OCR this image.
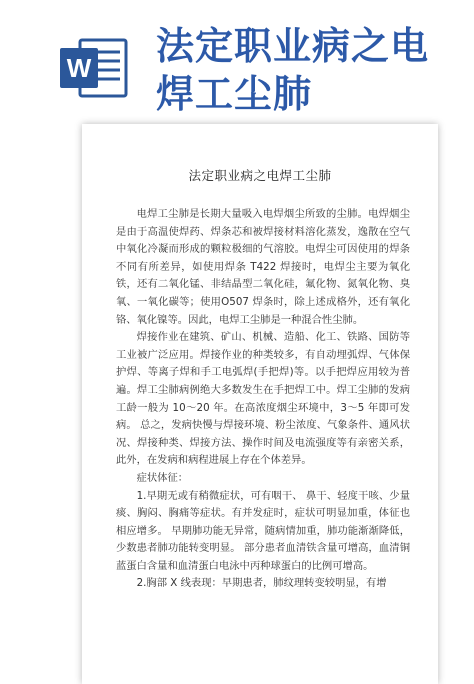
W 法定职业病之电焊工尘肺
法定职业病之电焊工尘肺

电焊工尘肺是长期大量吸入电焊烟尘所致的尘肺。电焊烟尘是由于高温使焊药、焊条芯和被焊接材料溶化蒸发，逸散在空气中氧化冷凝而形成的颗粒极细的气溶胶。电焊尘可因使用的焊条不同有所差异，如使用焊条 T422 焊接时，电焊尘主要为氧化铁，还有二氧化锰、非结晶型二氧化硅，氟化物、氮氧化物、臭氧、一氧化碳等；使用O507 焊条时，除上述成格外，还有氧化铬、氧化镍等。因此，电焊工尘肺是一种混合性尘肺。

焊接作业在建筑、矿山、机械、造船、化工、铁路、国防等工业被广泛应用。焊接作业的种类较多，有自动埋弧焊、气体保护焊、等离子焊和手工电弧焊(手把焊)等。以手把焊应用较为普遍。焊工尘肺病例绝大多数发生在手把焊工中。焊工尘肺的发病工龄一般为 10～20 年。在高浓度烟尘环境中，3～5 年即可发病。 总之，发病快慢与焊接环境、粉尘浓度、气象条件、通风状况、焊接种类、焊接方法、操作时间及电流强度等有亲密关系，此外，在发病和病程进展上存在个体差异。

症状体征：

1.早期无或有稍微症状，可有咽干、 鼻干、轻度干咳、少量痰、胸闷、胸痛等症状。有并发症时，症状可明显加重，体征也相应增多。 早期肺功能无异常，随病情加重，肺功能渐渐降低，少数患者肺功能转变明显。 部分患者血清铁含量可增高，血清铜蓝蛋白含量和血清蛋白电泳中丙种球蛋白的比例可增高。

2.胸部 X 线表现：早期患者，肺纹理转变较明显，有增
